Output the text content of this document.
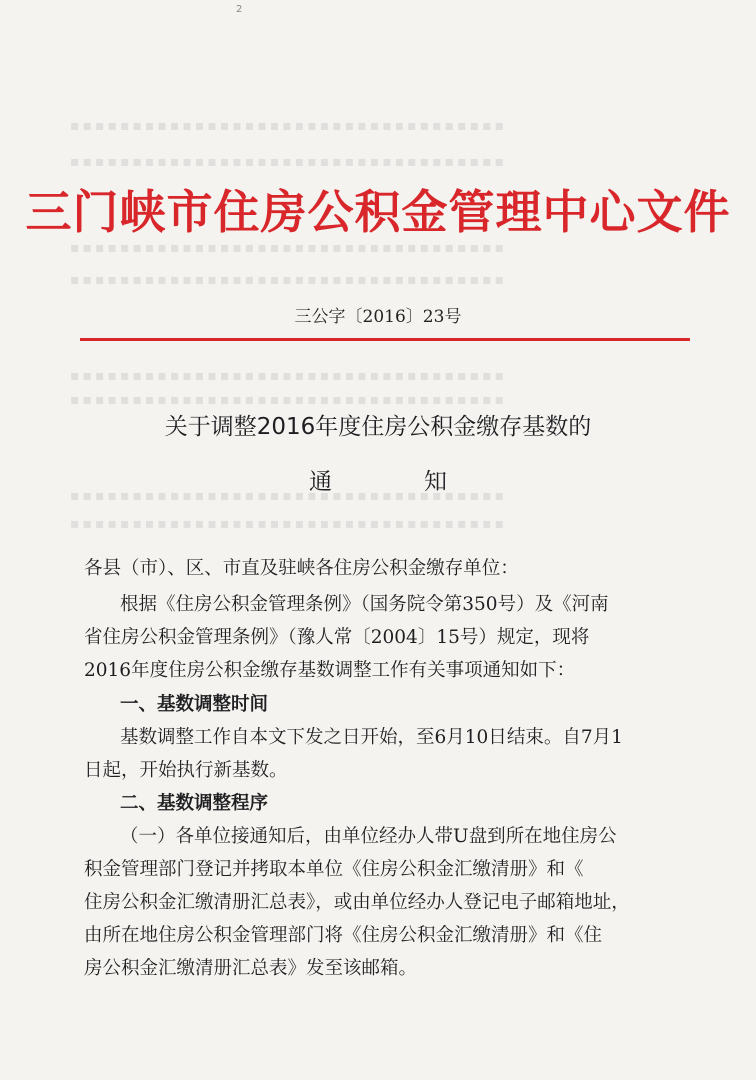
▪▪▪▪▪▪▪▪▪▪▪▪▪▪▪▪▪▪▪▪▪▪▪▪▪▪▪▪▪▪▪▪▪▪▪
▪▪▪▪▪▪▪▪▪▪▪▪▪▪▪▪▪▪▪▪▪▪▪▪▪▪▪▪▪▪▪▪▪▪▪
▪▪▪▪▪▪▪▪▪▪▪▪▪▪▪▪▪▪▪▪▪▪▪▪▪▪▪▪▪▪▪▪▪▪▪
▪▪▪▪▪▪▪▪▪▪▪▪▪▪▪▪▪▪▪▪▪▪▪▪▪▪▪▪▪▪▪▪▪▪▪
▪▪▪▪▪▪▪▪▪▪▪▪▪▪▪▪▪▪▪▪▪▪▪▪▪▪▪▪▪▪▪▪▪▪▪
▪▪▪▪▪▪▪▪▪▪▪▪▪▪▪▪▪▪▪▪▪▪▪▪▪▪▪▪▪▪▪▪▪▪▪
▪▪▪▪▪▪▪▪▪▪▪▪▪▪▪▪▪▪▪▪▪▪▪▪▪▪▪▪▪▪▪▪▪▪▪
▪▪▪▪▪▪▪▪▪▪▪▪▪▪▪▪▪▪▪▪▪▪▪▪▪▪▪▪▪▪▪▪▪▪▪
2
三门峡市住房公积金管理中心文件
三公字〔2016〕23号
关于调整2016年度住房公积金缴存基数的
通知
各县（市）、区、市直及驻峡各住房公积金缴存单位：
根据《住房公积金管理条例》（国务院令第350号）及《河南
省住房公积金管理条例》（豫人常〔2004〕15号）规定，现将
2016年度住房公积金缴存基数调整工作有关事项通知如下：
一、基数调整时间
基数调整工作自本文下发之日开始，至6月10日结束。自7月1
日起，开始执行新基数。
二、基数调整程序
（一）各单位接通知后，由单位经办人带U盘到所在地住房公
积金管理部门登记并拷取本单位《住房公积金汇缴清册》和《
住房公积金汇缴清册汇总表》，或由单位经办人登记电子邮箱地址，
由所在地住房公积金管理部门将《住房公积金汇缴清册》和《住
房公积金汇缴清册汇总表》发至该邮箱。
